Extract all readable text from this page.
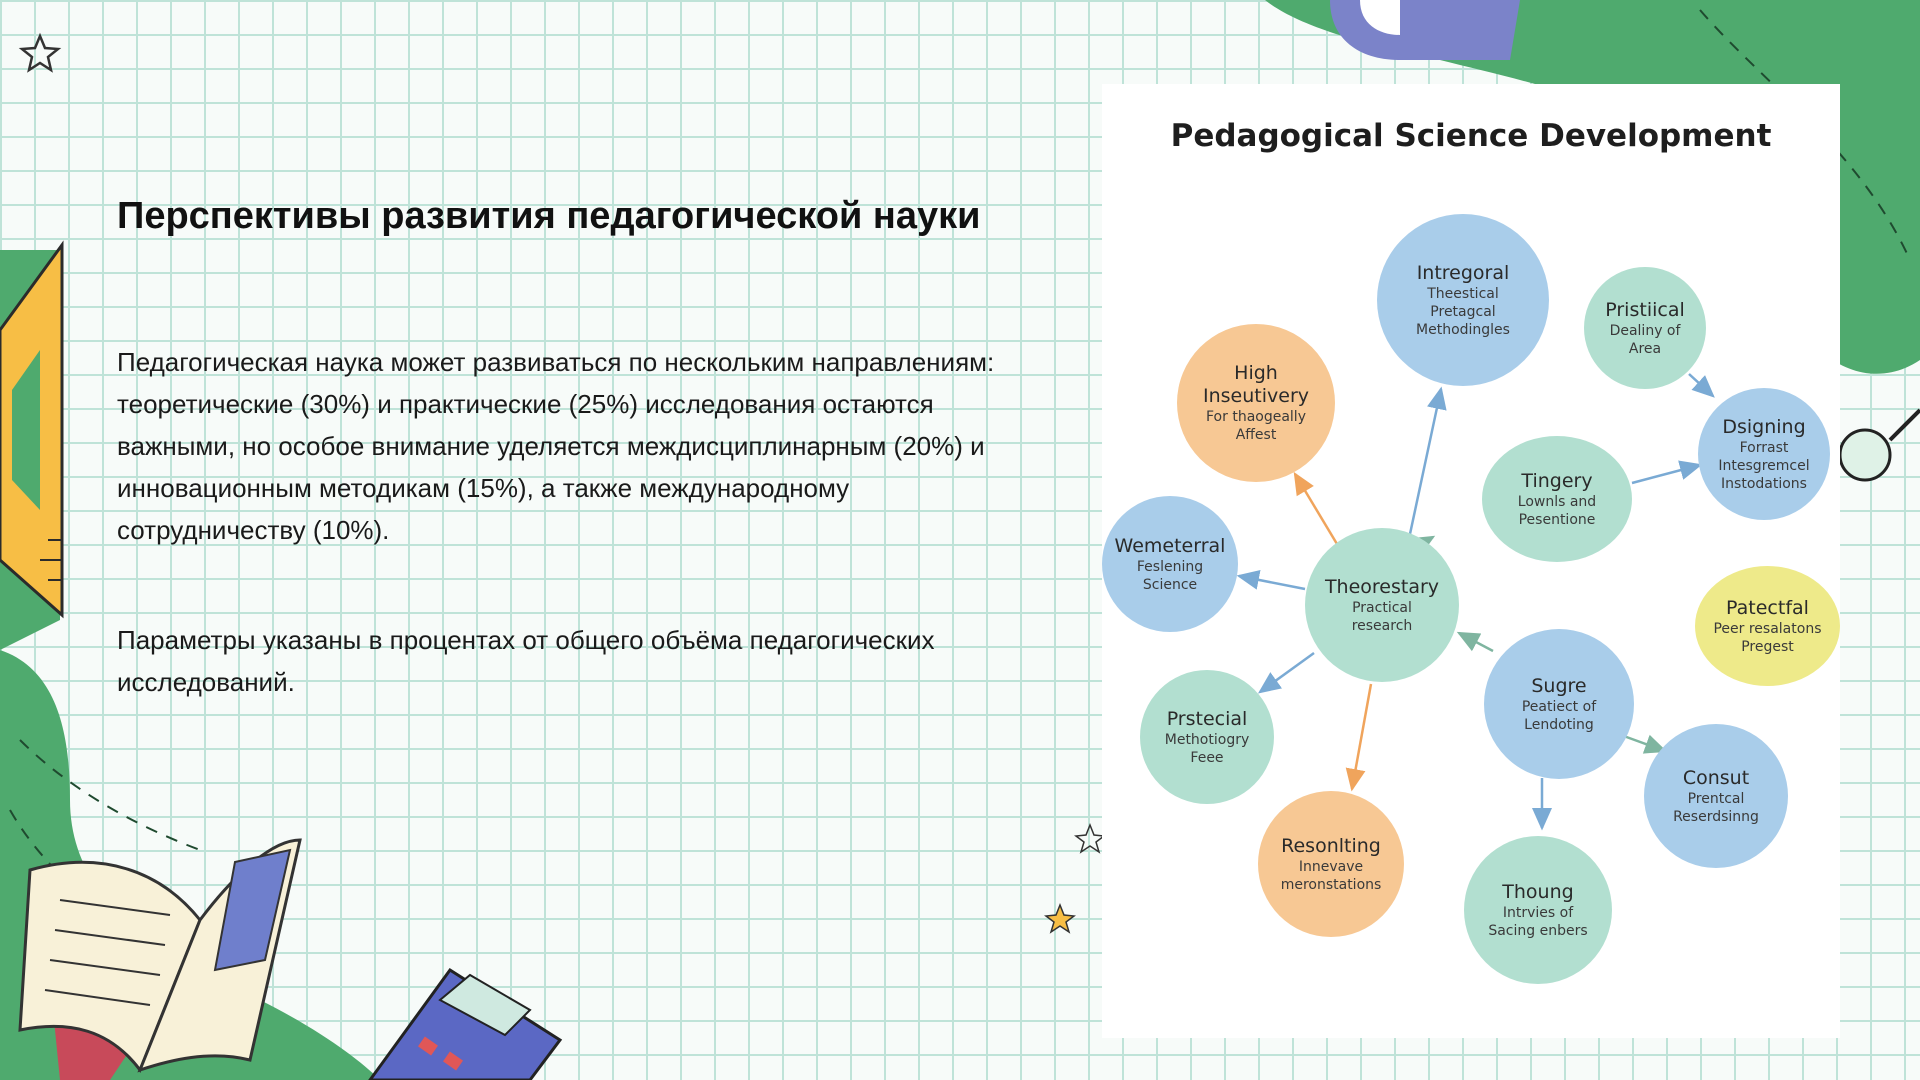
Перспективы развития педагогической науки

Педагогическая наука может развиваться по нескольким направлениям: теоретические (30%) и практические (25%) исследования остаются важными, но особое внимание уделяется междисциплинарным (20%) и инновационным методикам (15%), а также международному сотрудничеству (10%).

Параметры указаны в процентах от общего объёма педагогических исследований.

Pedagogical Science Development
Theorestary
Practical
research
Intregoral
Theestical
Pretagcal
Methodingles
Pristiical
Dealiny of
Area
High
Inseutivery
For thaogeally
Affest	Dsigning
Forrast
Intesgremcel
Instodations
Tingery
Lownls and
Pesentione
Wemeterral
Feslening
Science
Patectfal
Peer resalatons
Pregest
Sugre
Peatiect of
Lendoting
Prstecial
Methotiogry
Feee
Consut
Prentcal
Reserdsinng
Resonlting
Innevave
meronstations	Thoung
Intrvies of
Sacing enbers
